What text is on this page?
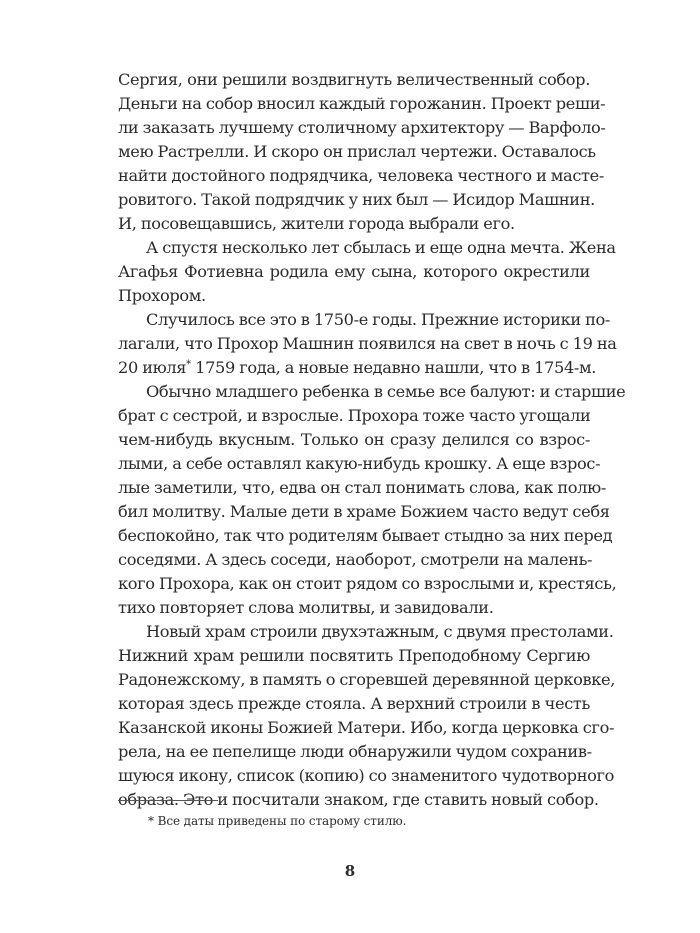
Сергия, они решили воздвигнуть величественный собор.
Деньги на собор вносил каждый горожанин. Проект реши-
ли заказать лучшему столичному архитектору — Варфоло-
мею Растрелли. И скоро он прислал чертежи. Оставалось
найти достойного подрядчика, человека честного и масте-
ровитого. Такой подрядчик у них был — Исидор Машнин.
И, посовещавшись, жители города выбрали его.
А спустя несколько лет сбылась и еще одна мечта. Жена
Агафья Фотиевна родила ему сына, которого окрестили
Прохором.
Случилось все это в 1750-е годы. Прежние историки по-
лагали, что Прохор Машнин появился на свет в ночь с 19 на
20 июля* 1759 года, а новые недавно нашли, что в 1754-м.
Обычно младшего ребенка в семье все балуют: и старшие
брат с сестрой, и взрослые. Прохора тоже часто угощали
чем-нибудь вкусным. Только он сразу делился со взрос-
лыми, а себе оставлял какую-нибудь крошку. А еще взрос-
лые заметили, что, едва он стал понимать слова, как полю-
бил молитву. Малые дети в храме Божием часто ведут себя
беспокойно, так что родителям бывает стыдно за них перед
соседями. А здесь соседи, наоборот, смотрели на малень-
кого Прохора, как он стоит рядом со взрослыми и, крестясь,
тихо повторяет слова молитвы, и завидовали.
Новый храм строили двухэтажным, с двумя престолами.
Нижний храм решили посвятить Преподобному Сергию
Радонежскому, в память о сгоревшей деревянной церковке,
которая здесь прежде стояла. А верхний строили в честь
Казанской иконы Божией Матери. Ибо, когда церковка сго-
рела, на ее пепелище люди обнаружили чудом сохранив-
шуюся икону, список (копию) со знаменитого чудотворного
образа. Это и посчитали знаком, где ставить новый собор.
* Все даты приведены по старому стилю.
8
